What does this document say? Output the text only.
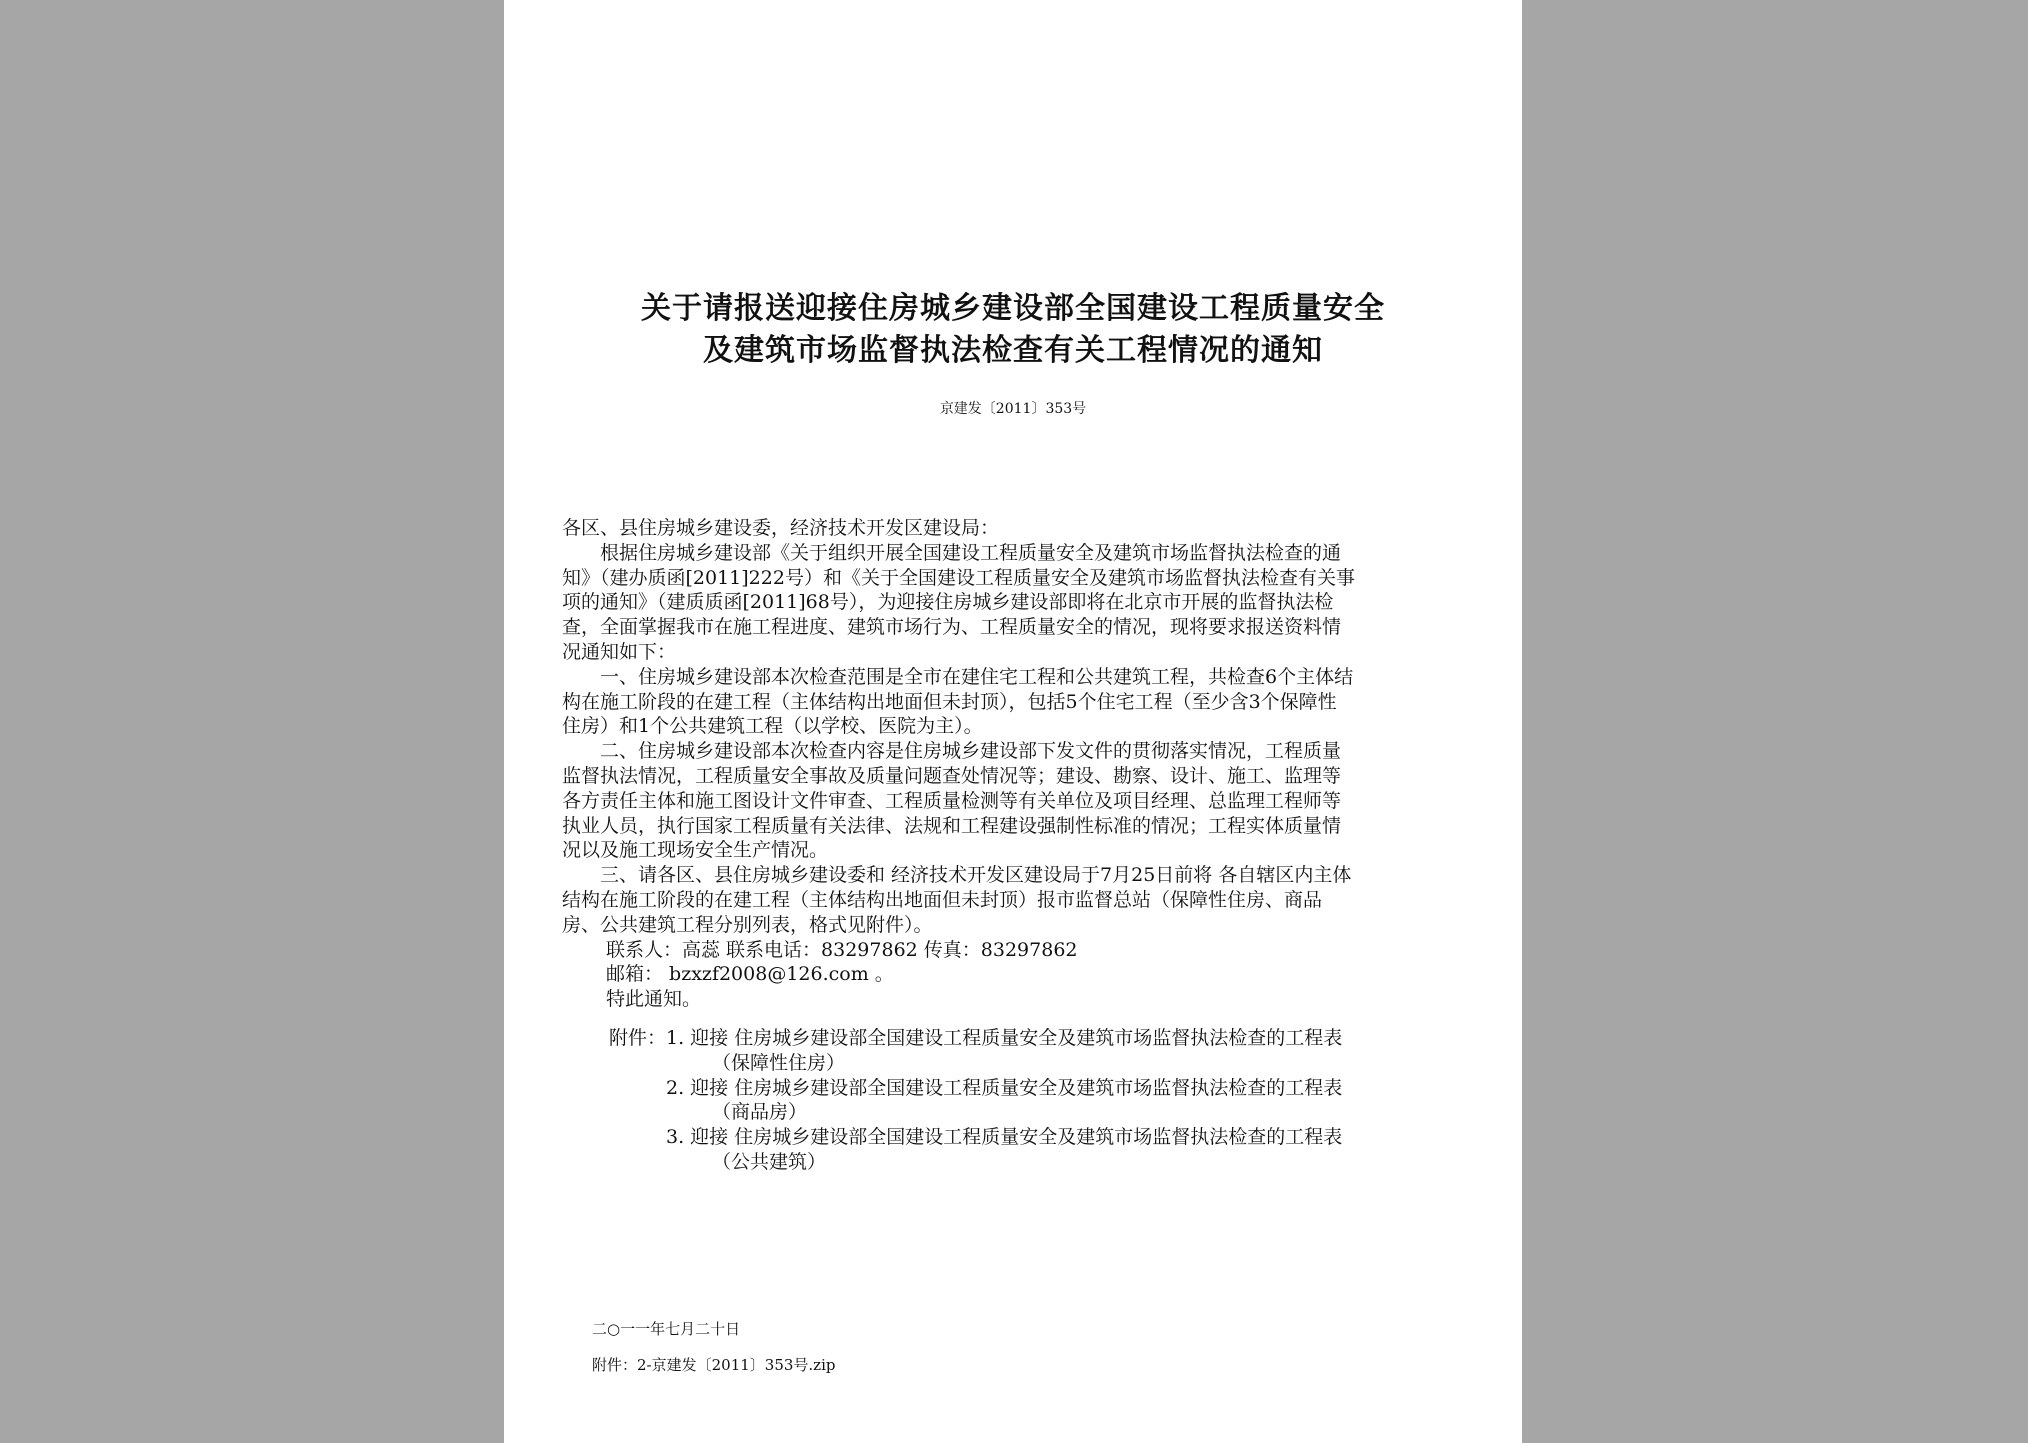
关于请报送迎接住房城乡建设部全国建设工程质量安全
及建筑市场监督执法检查有关工程情况的通知
京建发〔2011〕353号
各区、县住房城乡建设委，经济技术开发区建设局：
根据住房城乡建设部《关于组织开展全国建设工程质量安全及建筑市场监督执法检查的通
知》（建办质函[2011]222号）和《关于全国建设工程质量安全及建筑市场监督执法检查有关事
项的通知》（建质质函[2011]68号），为迎接住房城乡建设部即将在北京市开展的监督执法检
查，全面掌握我市在施工程进度、建筑市场行为、工程质量安全的情况，现将要求报送资料情
况通知如下：
一、住房城乡建设部本次检查范围是全市在建住宅工程和公共建筑工程，共检查6个主体结
构在施工阶段的在建工程（主体结构出地面但未封顶），包括5个住宅工程（至少含3个保障性
住房）和1个公共建筑工程（以学校、医院为主）。
二、住房城乡建设部本次检查内容是住房城乡建设部下发文件的贯彻落实情况，工程质量
监督执法情况，工程质量安全事故及质量问题查处情况等；建设、勘察、设计、施工、监理等
各方责任主体和施工图设计文件审查、工程质量检测等有关单位及项目经理、总监理工程师等
执业人员，执行国家工程质量有关法律、法规和工程建设强制性标准的情况；工程实体质量情
况以及施工现场安全生产情况。
三、请各区、县住房城乡建设委和 经济技术开发区建设局于7月25日前将 各自辖区内主体
结构在施工阶段的在建工程（主体结构出地面但未封顶）报市监督总站（保障性住房、商品
房、公共建筑工程分别列表，格式见附件）。
联系人：高蕊 联系电话：83297862 传真：83297862
邮箱： bzxzf2008@126.com 。
特此通知。
附件：1. 迎接 住房城乡建设部全国建设工程质量安全及建筑市场监督执法检查的工程表
（保障性住房）
2. 迎接 住房城乡建设部全国建设工程质量安全及建筑市场监督执法检查的工程表
（商品房）
3. 迎接 住房城乡建设部全国建设工程质量安全及建筑市场监督执法检查的工程表
（公共建筑）
二○一一年七月二十日
附件：2-京建发〔2011〕353号.zip
